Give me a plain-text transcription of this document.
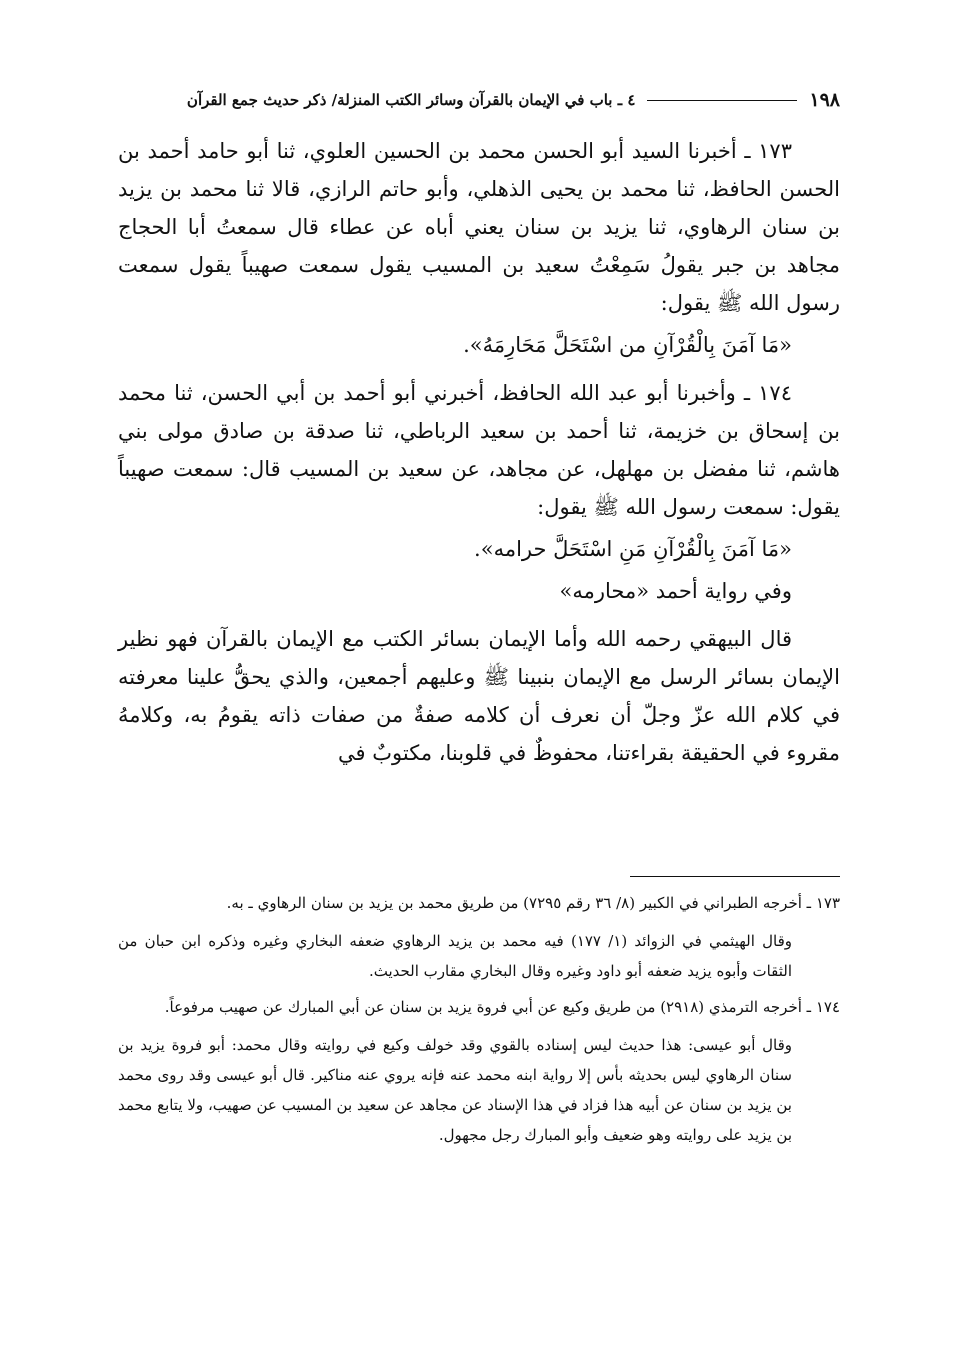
١٩٨
٤ ـ باب في الإيمان بالقرآن وسائر الكتب المنزلة/ ذكر حديث جمع القرآن

١٧٣ ـ أخبرنا السيد أبو الحسن محمد بن الحسين العلوي، ثنا أبو حامد أحمد بن الحسن الحافظ، ثنا محمد بن يحيى الذهلي، وأبو حاتم الرازي، قالا ثنا محمد بن يزيد بن سنان الرهاوي، ثنا يزيد بن سنان يعني أباه عن عطاء قال سمعتُ أبا الحجاج مجاهد بن جبر يقولُ سَمِعْتُ سعيد بن المسيب يقول سمعت صهيباً يقول سمعت رسول الله ﷺ يقول:

«مَا آمَنَ بِالْقُرْآنِ من اسْتَحَلَّ مَحَارِمَهُ».

١٧٤ ـ وأخبرنا أبو عبد الله الحافظ، أخبرني أبو أحمد بن أبي الحسن، ثنا محمد بن إسحاق بن خزيمة، ثنا أحمد بن سعيد الرباطي، ثنا صدقة بن صادق مولى بني هاشم، ثنا مفضل بن مهلهل، عن مجاهد، عن سعيد بن المسيب قال: سمعت صهيباً يقول: سمعت رسول الله ﷺ يقول:

«مَا آمَنَ بِالْقُرْآنِ مَنِ اسْتَحَلَّ حرامه».

وفي رواية أحمد «محارمه»

قال البيهقي رحمه الله وأما الإيمان بسائر الكتب مع الإيمان بالقرآن فهو نظير الإيمان بسائر الرسل مع الإيمان بنبينا ﷺ وعليهم أجمعين، والذي يحقُّ علينا معرفته في كلام الله عزّ وجلّ أن نعرف أن كلامه صفةٌ من صفات ذاته يقومُ به، وكلامهُ مقروء في الحقيقة بقراءتنا، محفوظٌ في قلوبنا، مكتوبٌ في

١٧٣ ـ أخرجه الطبراني في الكبير (٨/ ٣٦ رقم ٧٢٩٥) من طريق محمد بن يزيد بن سنان الرهاوي ـ به.

وقال الهيثمي في الزوائد (١/ ١٧٧) فيه محمد بن يزيد الرهاوي ضعفه البخاري وغيره وذكره ابن حبان من الثقات وأبوه يزيد ضعفه أبو داود وغيره وقال البخاري مقارب الحديث.

١٧٤ ـ أخرجه الترمذي (٢٩١٨) من طريق وكيع عن أبي فروة يزيد بن سنان عن أبي المبارك عن صهيب مرفوعاً.

وقال أبو عيسى: هذا حديث ليس إسناده بالقوي وقد خولف وكيع في روايته وقال محمد: أبو فروة يزيد بن سنان الرهاوي ليس بحديثه بأس إلا رواية ابنه محمد عنه فإنه يروي عنه مناكير. قال أبو عيسى وقد روى محمد بن يزيد بن سنان عن أبيه هذا فزاد في هذا الإسناد عن مجاهد عن سعيد بن المسيب عن صهيب، ولا يتابع محمد بن يزيد على روايته وهو ضعيف وأبو المبارك رجل مجهول.
